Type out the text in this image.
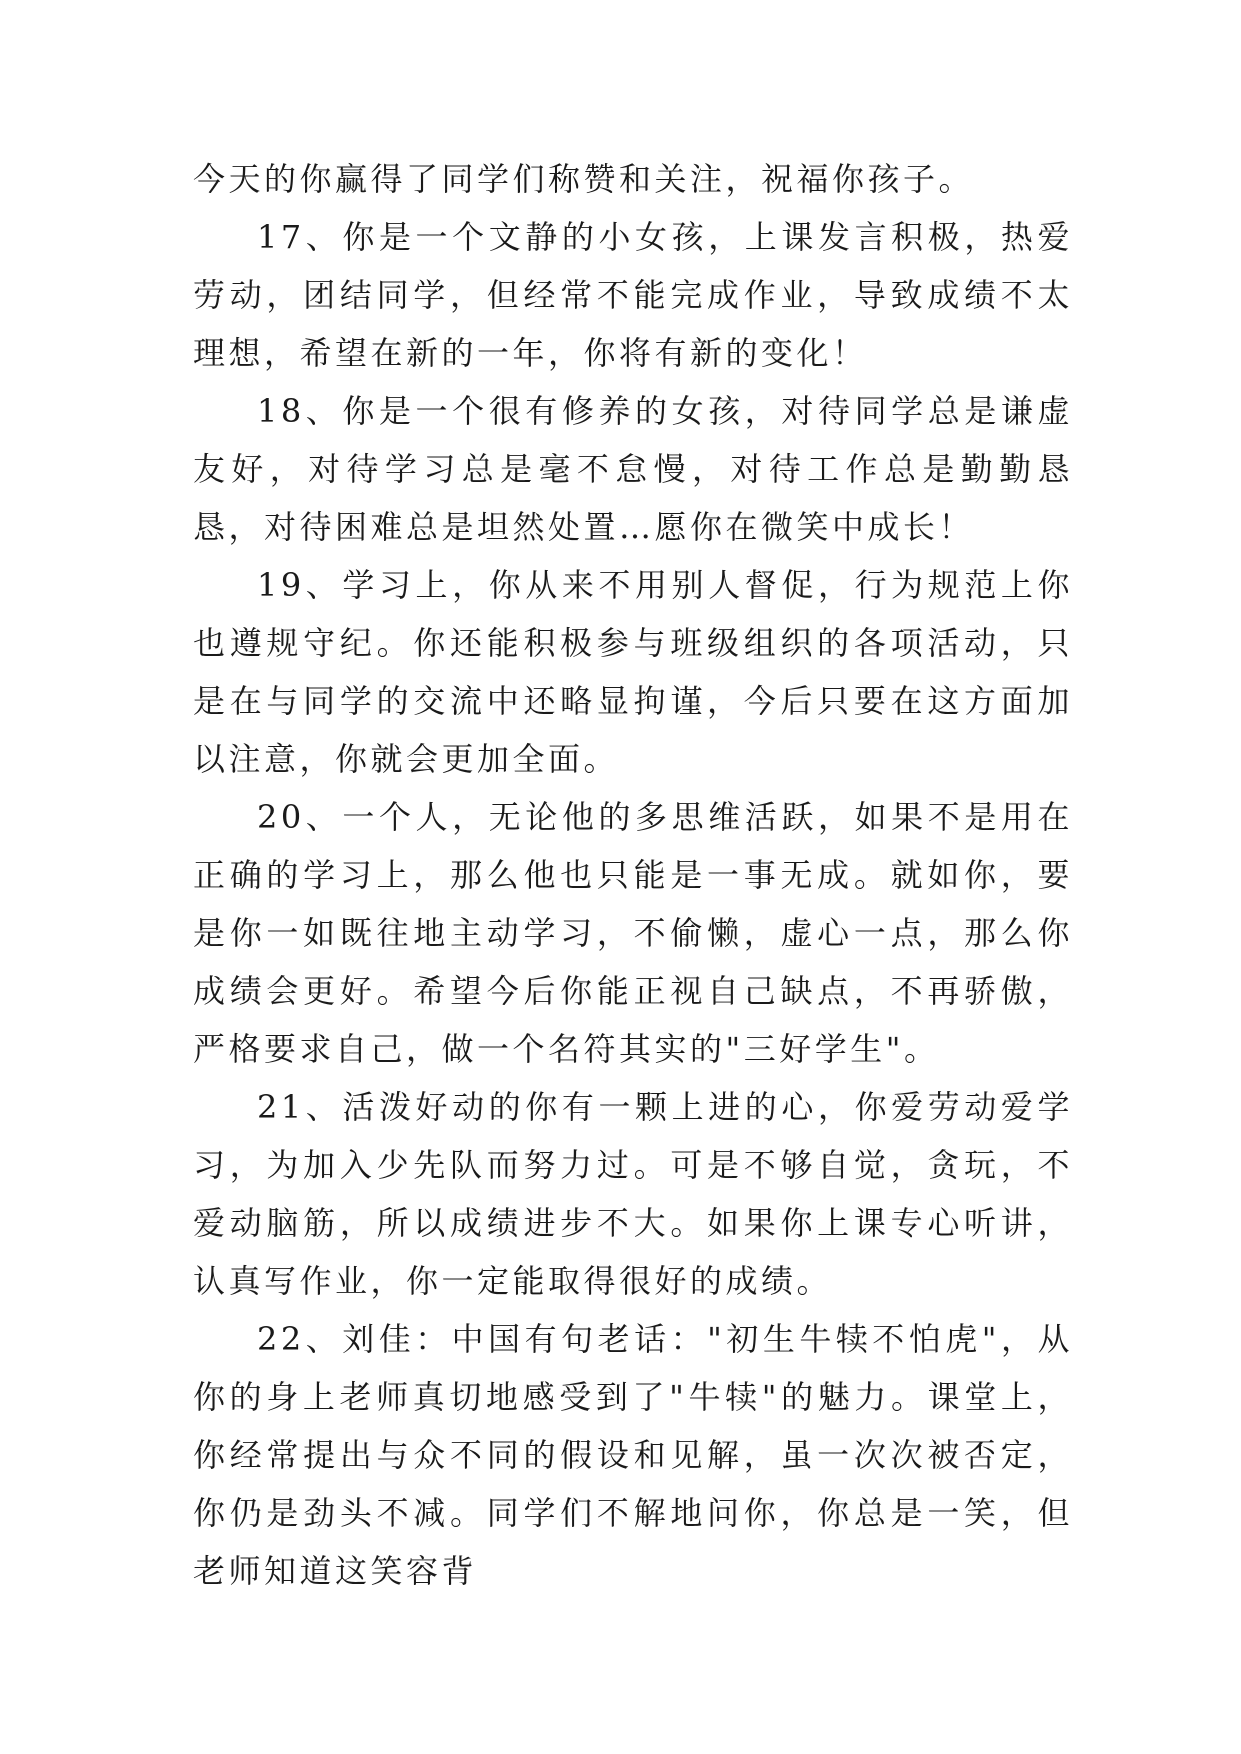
今天的你赢得了同学们称赞和关注，祝福你孩子。

17、你是一个文静的小女孩，上课发言积极，热爱劳动，团结同学，但经常不能完成作业，导致成绩不太理想，希望在新的一年，你将有新的变化！

18、你是一个很有修养的女孩，对待同学总是谦虚友好，对待学习总是毫不怠慢，对待工作总是勤勤恳恳，对待困难总是坦然处置…愿你在微笑中成长！

19、学习上，你从来不用别人督促，行为规范上你也遵规守纪。你还能积极参与班级组织的各项活动，只是在与同学的交流中还略显拘谨，今后只要在这方面加以注意，你就会更加全面。

20、一个人，无论他的多思维活跃，如果不是用在正确的学习上，那么他也只能是一事无成。就如你，要是你一如既往地主动学习，不偷懒，虚心一点，那么你成绩会更好。希望今后你能正视自己缺点，不再骄傲，严格要求自己，做一个名符其实的"三好学生"。

21、活泼好动的你有一颗上进的心，你爱劳动爱学习，为加入少先队而努力过。可是不够自觉，贪玩，不爱动脑筋，所以成绩进步不大。如果你上课专心听讲，认真写作业，你一定能取得很好的成绩。

22、刘佳：中国有句老话："初生牛犊不怕虎"，从你的身上老师真切地感受到了"牛犊"的魅力。课堂上，你经常提出与众不同的假设和见解，虽一次次被否定，你仍是劲头不减。同学们不解地问你，你总是一笑，但老师知道这笑容背
